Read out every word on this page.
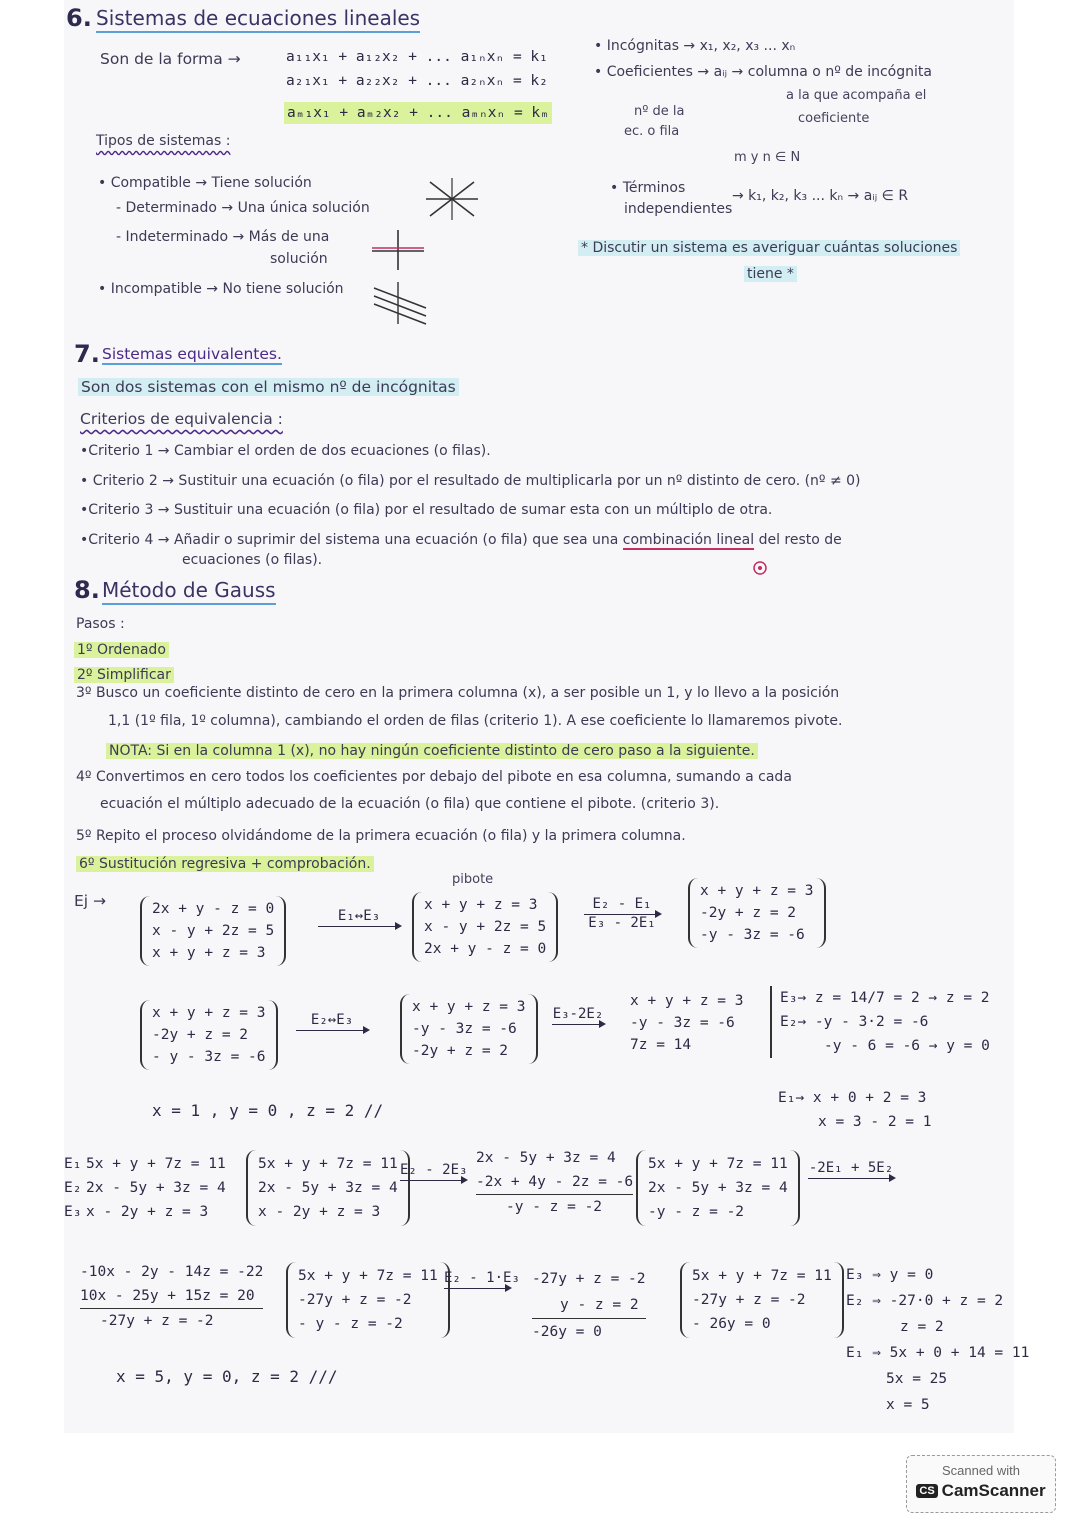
6. Sistemas de ecuaciones lineales
Son de la forma →	a₁₁x₁ + a₁₂x₂ + ... a₁ₙxₙ = k₁
a₂₁x₁ + a₂₂x₂ + ... a₂ₙxₙ = k₂
aₘ₁x₁ + aₘ₂x₂ + ... aₘₙxₙ = kₘ
• Incógnitas → x₁, x₂, x₃ ... xₙ
• Coeficientes → aᵢⱼ → columna o nº de incógnita
a la que acompaña el
coeficiente
nº de la
ec. o fila
m y n ∈ N
Tipos de sistemas :
• Compatible → Tiene solución
- Determinado → Una única solución
- Indeterminado → Más de una
solución
• Incompatible → No tiene solución
• Términos
independientes
→ k₁, k₂, k₃ ... kₙ → aᵢⱼ ∈ R
* Discutir un sistema es averiguar cuántas soluciones
tiene *
7. Sistemas equivalentes.
Son dos sistemas con el mismo nº de incógnitas
Criterios de equivalencia :
•Criterio 1 → Cambiar el orden de dos ecuaciones (o filas).
• Criterio 2 → Sustituir una ecuación (o fila) por el resultado de multiplicarla por un nº distinto de cero. (nº ≠ 0)
•Criterio 3 → Sustituir una ecuación (o fila) por el resultado de sumar esta con un múltiplo de otra.
•Criterio 4 → Añadir o suprimir del sistema una ecuación (o fila) que sea una combinación lineal del resto de
ecuaciones (o filas).
8. Método de Gauss
Pasos :
1º Ordenado
2º Simplificar
3º Busco un coeficiente distinto de cero en la primera columna (x), a ser posible un 1, y lo llevo a la posición
1,1 (1º fila, 1º columna), cambiando el orden de filas (criterio 1). A ese coeficiente lo llamaremos pivote.
NOTA: Si en la columna 1 (x), no hay ningún coeficiente distinto de cero paso a la siguiente.
4º Convertimos en cero todos los coeficientes por debajo del pibote en esa columna, sumando a cada
ecuación el múltiplo adecuado de la ecuación (o fila) que contiene el pibote. (criterio 3).
5º Repito el proceso olvidándome de la primera ecuación (o fila) y la primera columna.
6º Sustitución regresiva + comprobación.
Ej →
pibote
2x + y - z = 0
x - y + 2z = 5
x + y + z = 3
E₁↔E₃
x + y + z = 3
x - y + 2z = 5
2x + y - z = 0
E₂ - E₁
E₃ - 2E₁
x + y + z = 3
-2y + z = 2
-y - 3z = -6
x + y + z = 3
-2y + z = 2
- y - 3z = -6
E₂↔E₃
x + y + z = 3
-y - 3z = -6
-2y + z = 2
E₃-2E₂
x + y + z = 3
-y - 3z = -6
7z = 14
E₃→ z = 14/7 = 2 → z = 2
E₂→ -y - 3·2 = -6
-y - 6 = -6 → y = 0
E₁→ x + 0 + 2 = 3
x = 3 - 2 = 1
x = 1 , y = 0 , z = 2 //
E₁
E₂
E₃
5x + y + 7z = 11
2x - 5y + 3z = 4
x - 2y + z = 3
5x + y + 7z = 11
2x - 5y + 3z = 4
x - 2y + z = 3
E₂ - 2E₃
2x - 5y + 3z = 4
-2x + 4y - 2z = -6
-y - z = -2
5x + y + 7z = 11
2x - 5y + 3z = 4
-y - z = -2
-2E₁ + 5E₂
-10x - 2y - 14z = -22
10x - 25y + 15z = 20
-27y + z = -2
5x + y + 7z = 11
-27y + z = -2
- y - z = -2
E₂ - 1·E₃ -27y + z = -2
y - z = 2
-26y = 0
5x + y + 7z = 11
-27y + z = -2
- 26y = 0
E₃ ⇒ y = 0
E₂ ⇒ -27·0 + z = 2
z = 2
E₁ ⇒ 5x + 0 + 14 = 11
5x = 25
x = 5
x = 5, y = 0, z = 2 ///
Scanned with
CS CamScanner
